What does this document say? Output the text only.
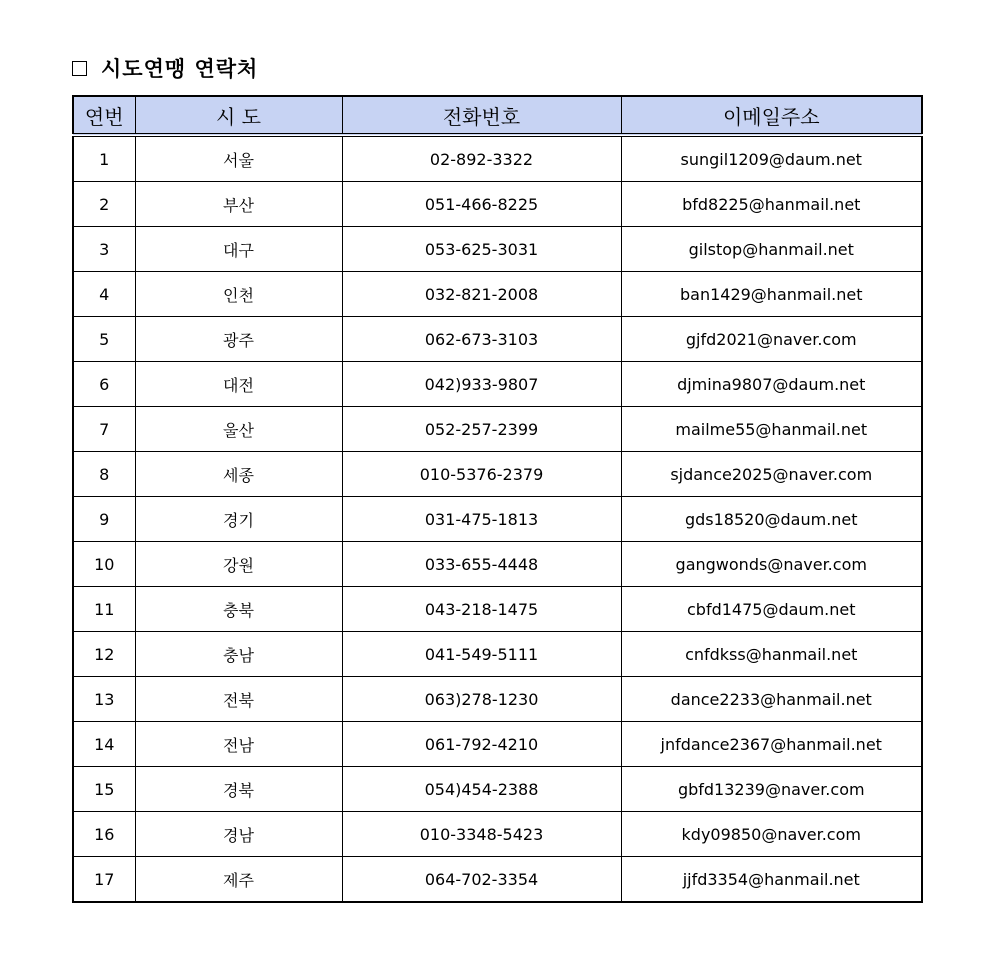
시도연맹 연락처
연번	시 도	전화번호	이메일주소
1	서울	02-892-3322	sungil1209@daum.net
2	부산	051-466-8225	bfd8225@hanmail.net
3	대구	053-625-3031	gilstop@hanmail.net
4	인천	032-821-2008	ban1429@hanmail.net
5	광주	062-673-3103	gjfd2021@naver.com
6	대전	042)933-9807	djmina9807@daum.net
7	울산	052-257-2399	mailme55@hanmail.net
8	세종	010-5376-2379	sjdance2025@naver.com
9	경기	031-475-1813	gds18520@daum.net
10	강원	033-655-4448	gangwonds@naver.com
11	충북	043-218-1475	cbfd1475@daum.net
12	충남	041-549-5111	cnfdkss@hanmail.net
13	전북	063)278-1230	dance2233@hanmail.net
14	전남	061-792-4210	jnfdance2367@hanmail.net
15	경북	054)454-2388	gbfd13239@naver.com
16	경남	010-3348-5423	kdy09850@naver.com
17	제주	064-702-3354	jjfd3354@hanmail.net
